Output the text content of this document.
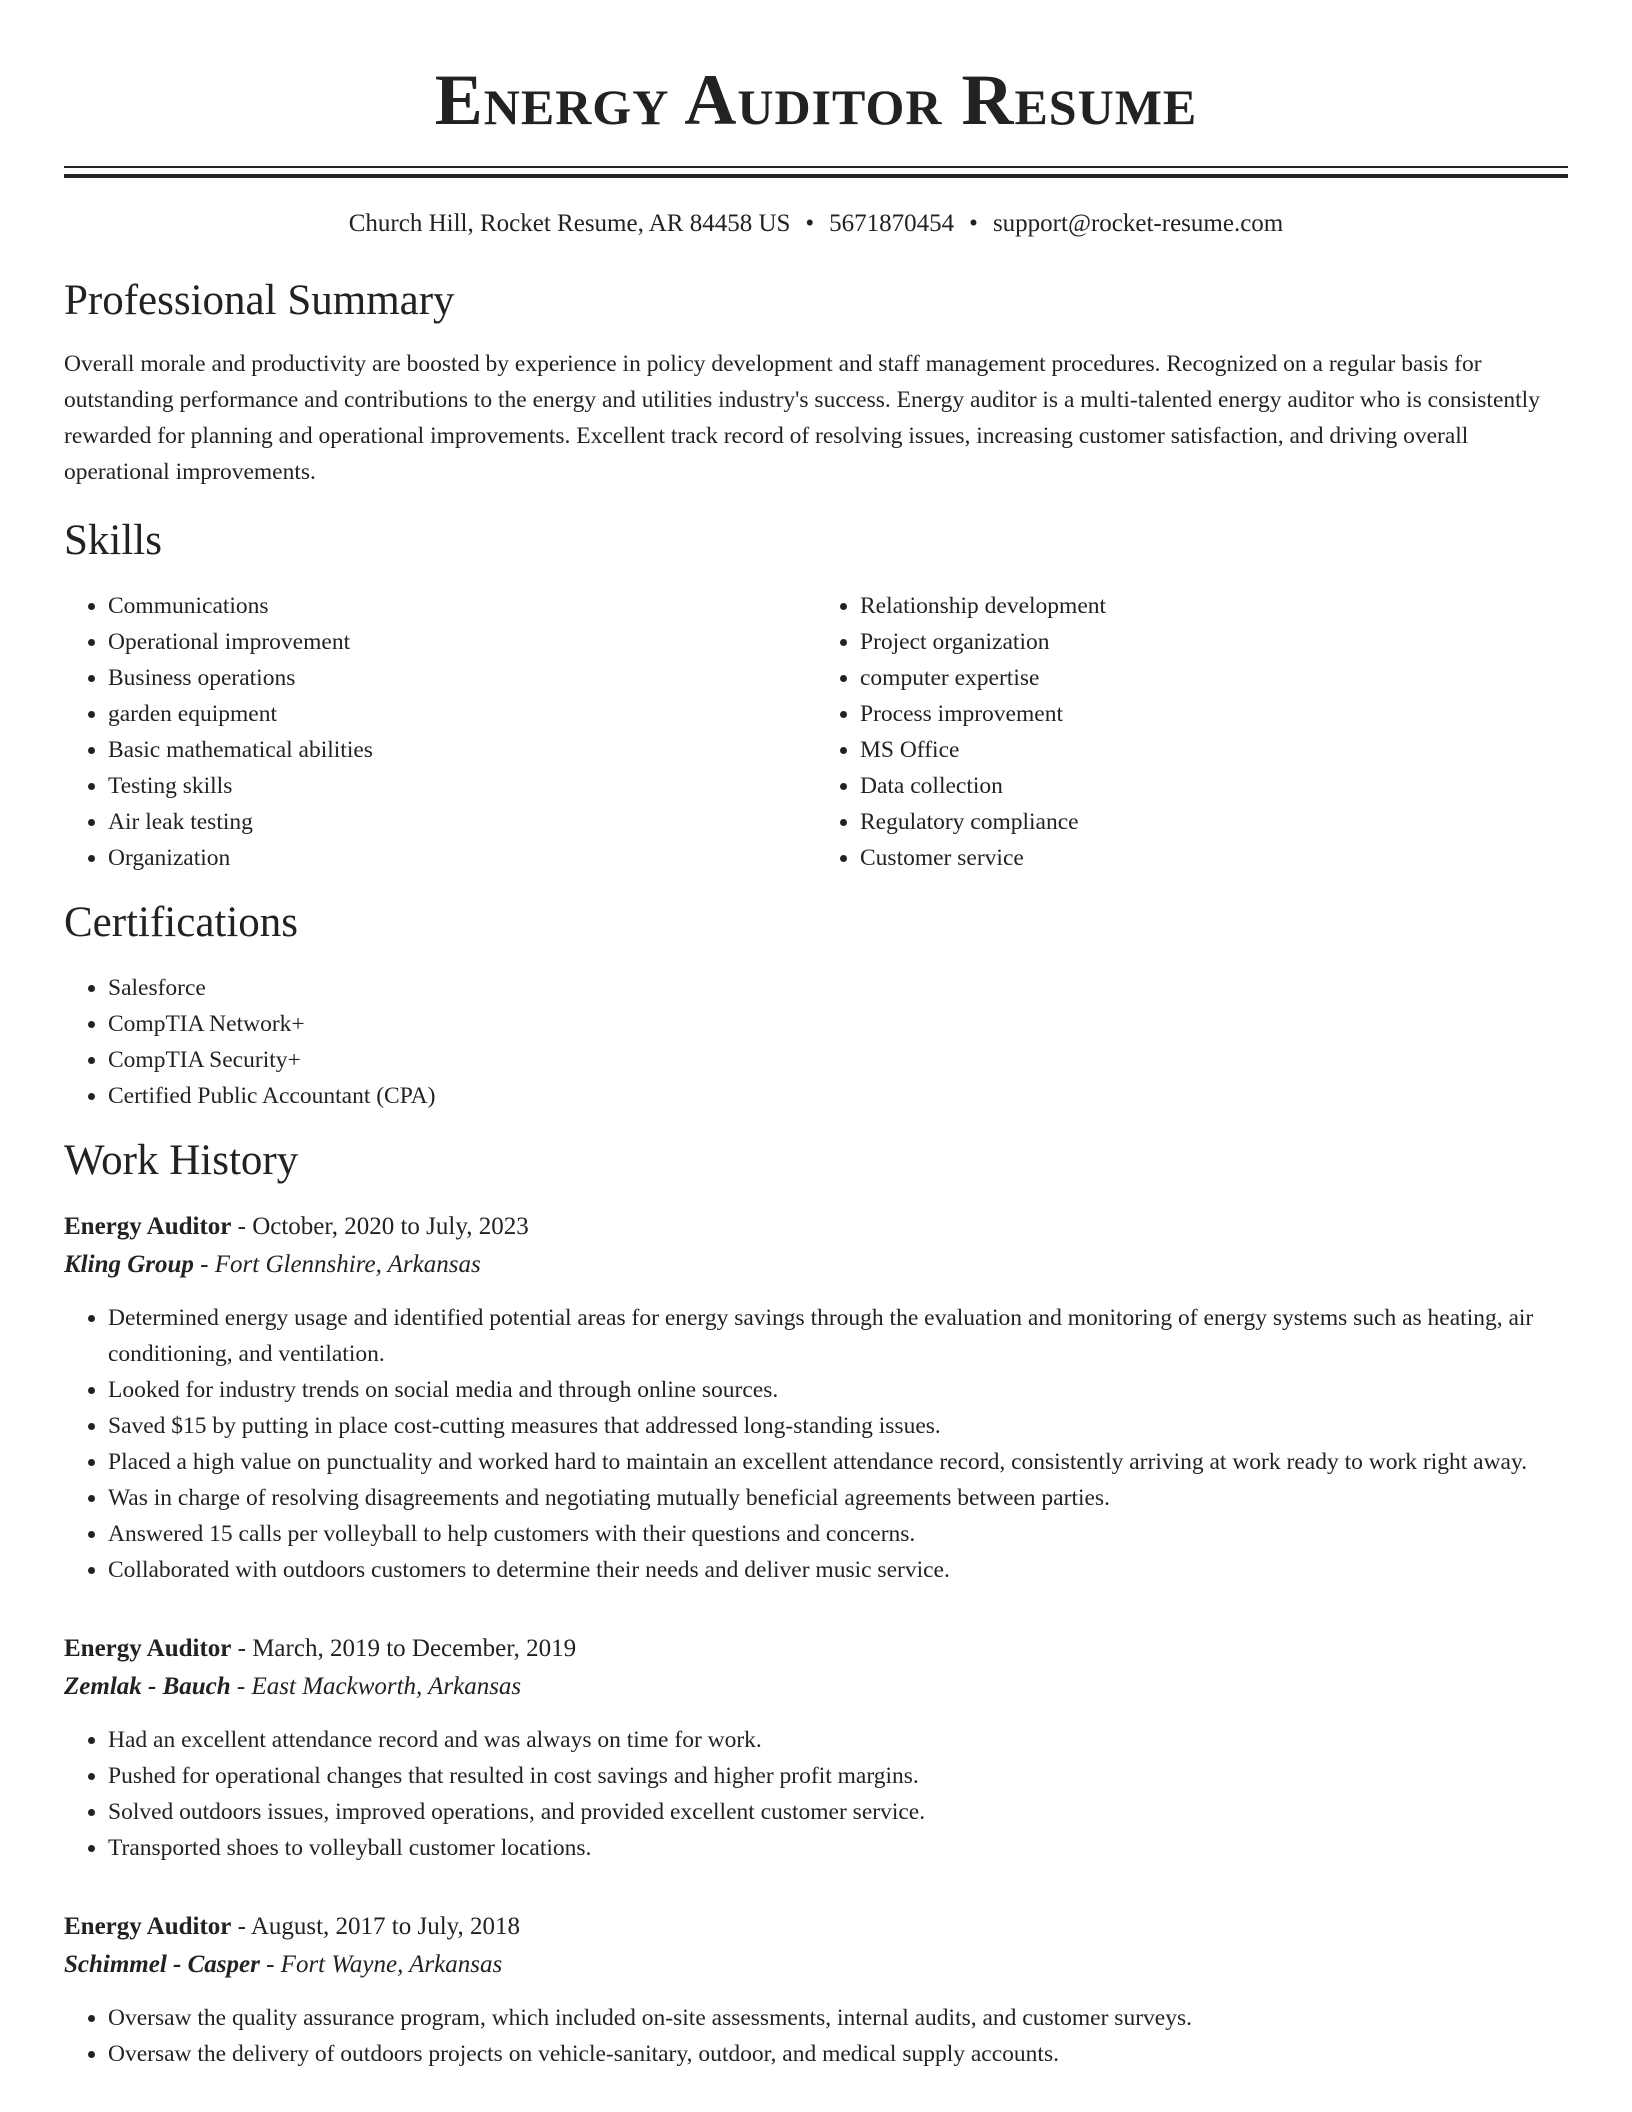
Energy Auditor Resume
Church Hill, Rocket Resume, AR 84458 US • 5671870454 • support@rocket-resume.com
Professional Summary

Overall morale and productivity are boosted by experience in policy development and staff management procedures. Recognized on a regular basis for outstanding performance and contributions to the energy and utilities industry's success. Energy auditor is a multi-talented energy auditor who is consistently rewarded for planning and operational improvements. Excellent track record of resolving issues, increasing customer satisfaction, and driving overall operational improvements.

Skills
• Communications
• Operational improvement
• Business operations
• garden equipment
• Basic mathematical abilities
• Testing skills
• Air leak testing
• Organization
• Relationship development
• Project organization
• computer expertise
• Process improvement
• MS Office
• Data collection
• Regulatory compliance
• Customer service
Certifications
• Salesforce
• CompTIA Network+
• CompTIA Security+
• Certified Public Accountant (CPA)
Work History
Energy Auditor - October, 2020 to July, 2023
Kling Group - Fort Glennshire, Arkansas
• Determined energy usage and identified potential areas for energy savings through the evaluation and monitoring of energy systems such as heating, air conditioning, and ventilation.
• Looked for industry trends on social media and through online sources.
• Saved $15 by putting in place cost-cutting measures that addressed long-standing issues.
• Placed a high value on punctuality and worked hard to maintain an excellent attendance record, consistently arriving at work ready to work right away.
• Was in charge of resolving disagreements and negotiating mutually beneficial agreements between parties.
• Answered 15 calls per volleyball to help customers with their questions and concerns.
• Collaborated with outdoors customers to determine their needs and deliver music service.
Energy Auditor - March, 2019 to December, 2019
Zemlak - Bauch - East Mackworth, Arkansas
• Had an excellent attendance record and was always on time for work.
• Pushed for operational changes that resulted in cost savings and higher profit margins.
• Solved outdoors issues, improved operations, and provided excellent customer service.
• Transported shoes to volleyball customer locations.
Energy Auditor - August, 2017 to July, 2018
Schimmel - Casper - Fort Wayne, Arkansas
• Oversaw the quality assurance program, which included on-site assessments, internal audits, and customer surveys.
• Oversaw the delivery of outdoors projects on vehicle-sanitary, outdoor, and medical supply accounts.
